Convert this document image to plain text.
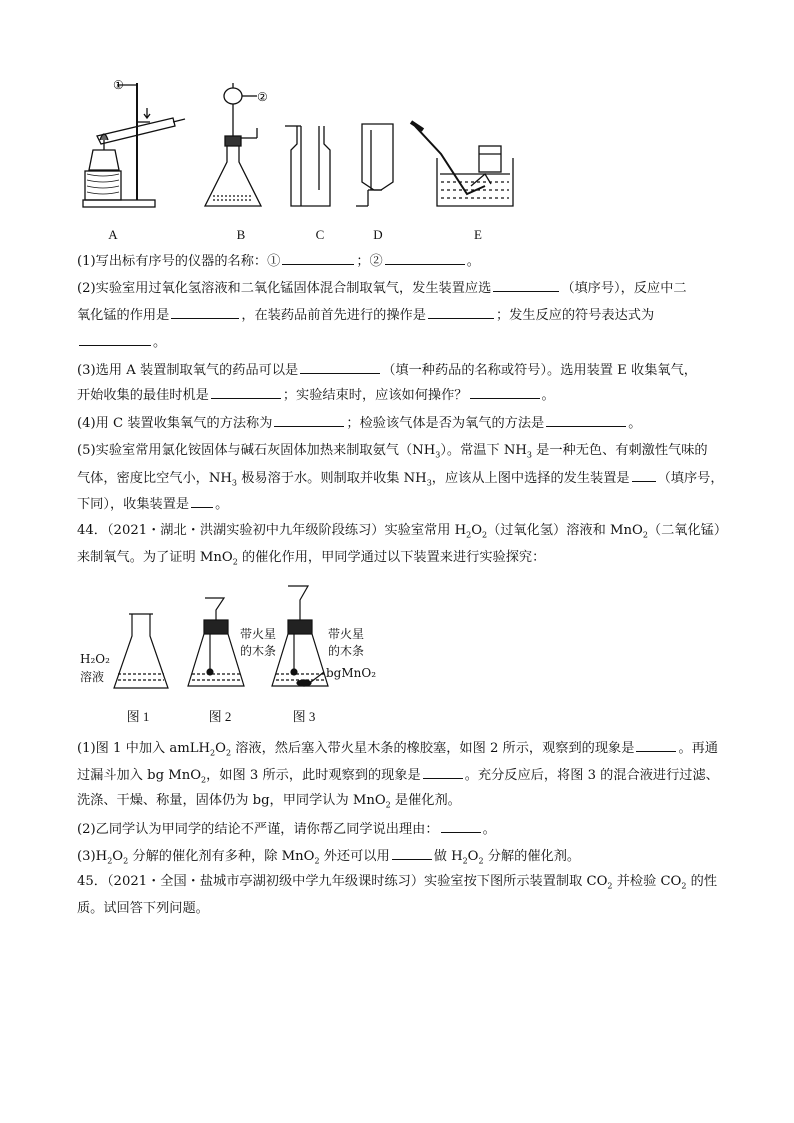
①
②
A	B	C	D	E
(1)写出标有序号的仪器的名称：①	；②	。
(2)实验室用过氧化氢溶液和二氧化锰固体混合制取氧气，发生装置应选	（填序号），反应中二
氧化锰的作用是	，在装药品前首先进行的操作是	；发生反应的符号表达式为
。
(3)选用 A 装置制取氧气的药品可以是	（填一种药品的名称或符号）。选用装置 E 收集氧气，
开始收集的最佳时机是	；实验结束时，应该如何操作？	。
(4)用 C 装置收集氧气的方法称为	；检验该气体是否为氧气的方法是	。
(5)实验室常用氯化铵固体与碱石灰固体加热来制取氨气$(NH_3)$。常温下 $NH_3$ 是一种无色、有刺激性气味的
气体，密度比空气小，$NH_3$ 极易溶于水。则制取并收集 $NH_3$，应该从上图中选择的发生装置是 （填序号，
下同），收集装置是 。
44．（2021・湖北・洪湖实验初中九年级阶段练习）实验室常用 $H_2O_2$（过氧化氢）溶液和 MnO$_2$（二氧化锰）
来制氧气。为了证明 MnO$_2$ 的催化作用，甲同学通过以下装置来进行实验探究：
H₂O₂
溶液
带火星
的木条
带火星
的木条
bgMnO₂
图 1	图 2	图 3
(1)图 1 中加入 $amLH_2O_2$ 溶液，然后塞入带火星木条的橡胶塞，如图 2 所示，观察到的现象是	。再通
过漏斗加入 bg MnO$_2$，如图 3 所示，此时观察到的现象是	。充分反应后，将图 3 的混合液进行过滤、
洗涤、干燥、称量，固体仍为 bg，甲同学认为 MnO$_2$ 是催化剂。
(2)乙同学认为甲同学的结论不严谨，请你帮乙同学说出理由：	。
$(3)H_2O_2$ 分解的催化剂有多种，除 MnO$_2$ 外还可以用	做 $H_2O_2$ 分解的催化剂。
45．（2021・全国・盐城市亭湖初级中学九年级课时练习）实验室按下图所示装置制取 $CO_2$ 并检验 $CO_2$ 的性
质。试回答下列问题。
